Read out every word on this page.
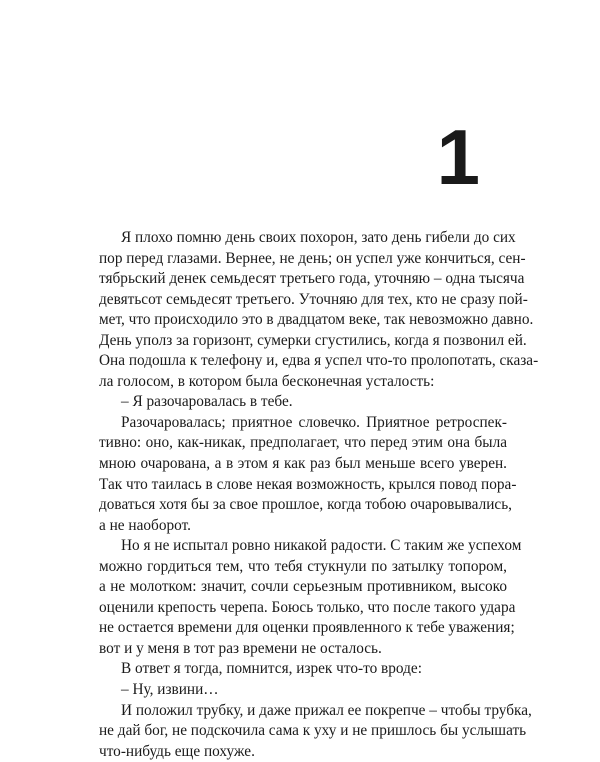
1
Я плохо помню день своих похорон, зато день гибели до сих
пор перед глазами. Вернее, не день; он успел уже кончиться, сен-
тябрьский денек семьдесят третьего года, уточняю – одна тысяча
девятьсот семьдесят третьего. Уточняю для тех, кто не сразу пой-
мет, что происходило это в двадцатом веке, так невозможно давно.
День уполз за горизонт, сумерки сгустились, когда я позвонил ей.
Она подошла к телефону и, едва я успел что-то пролопотать, сказа-
ла голосом, в котором была бесконечная усталость:
– Я разочаровалась в тебе.
Разочаровалась; приятное словечко. Приятное ретроспек-
тивно: оно, как-никак, предполагает, что перед этим она была
мною очарована, а в этом я как раз был меньше всего уверен.
Так что таилась в слове некая возможность, крылся повод пора-
доваться хотя бы за свое прошлое, когда тобою очаровывались,
а не наоборот.
Но я не испытал ровно никакой радости. С таким же успехом
можно гордиться тем, что тебя стукнули по затылку топором,
а не молотком: значит, сочли серьезным противником, высоко
оценили крепость черепа. Боюсь только, что после такого удара
не остается времени для оценки проявленного к тебе уважения;
вот и у меня в тот раз времени не осталось.
В ответ я тогда, помнится, изрек что-то вроде:
– Ну, извини…
И положил трубку, и даже прижал ее покрепче – чтобы трубка,
не дай бог, не подскочила сама к уху и не пришлось бы услышать
что-нибудь еще похуже.
